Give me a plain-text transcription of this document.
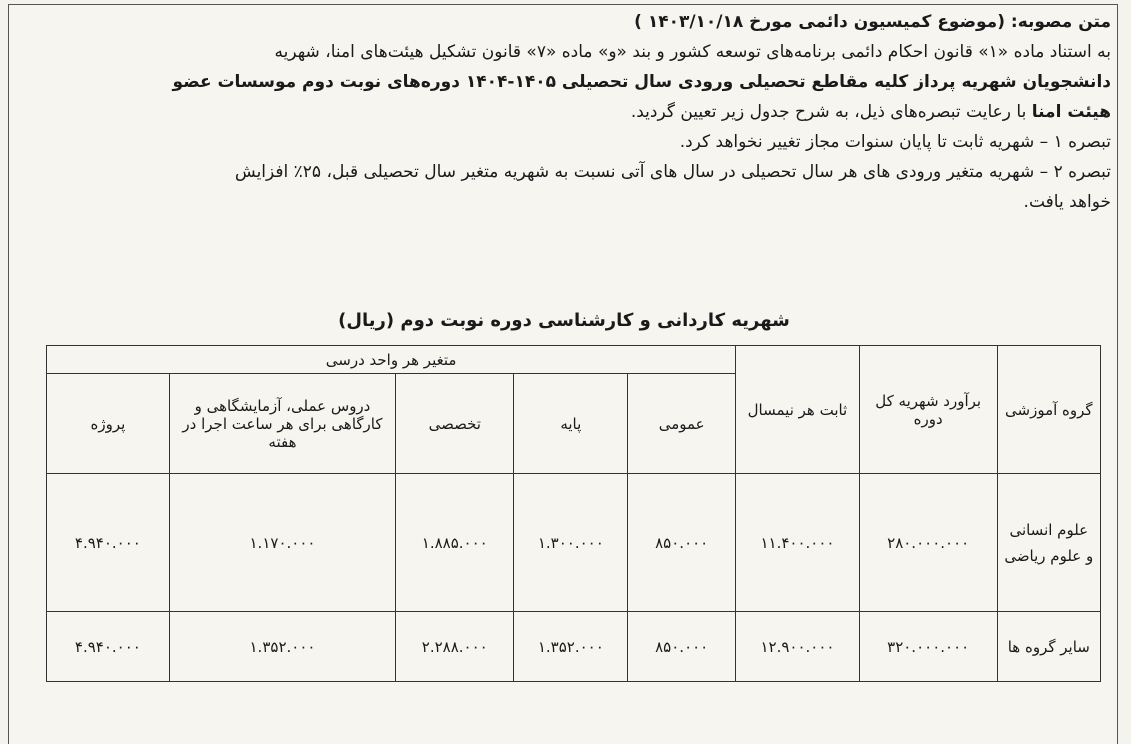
متن مصوبه: (موضوع کمیسیون دائمی مورخ ۱۴۰۳/۱۰/۱۸ )
به استناد ماده «۱» قانون احکام دائمی برنامه‌های توسعه کشور و بند «و» ماده «۷» قانون تشکیل هیئت‌های امنا، شهریه
دانشجویان شهریه پرداز کلیه مقاطع تحصیلی ورودی سال تحصیلی ۱۴۰۵-۱۴۰۴ دوره‌های نوبت دوم موسسات عضو
هیئت امنا با رعایت تبصره‌های ذیل، به شرح جدول زیر تعیین گردید.
تبصره ۱ – شهریه ثابت تا پایان سنوات مجاز تغییر نخواهد کرد.
تبصره ۲ – شهریه متغیر ورودی های هر سال تحصیلی در سال های آتی نسبت به شهریه متغیر سال تحصیلی قبل، ۲۵٪ افزایش
خواهد یافت.
شهریه کاردانی و کارشناسی دوره نوبت دوم (ریال)
گروه آموزشی	برآورد شهریه کل دوره	ثابت هر نیمسال	متغیر هر واحد درسی				
			عمومی	پایه	تخصصی	دروس عملی، آزمایشگاهی و کارگاهی برای هر ساعت اجرا در هفته	پروژه
علوم انسانی و علوم ریاضی	۲۸۰.۰۰۰.۰۰۰	۱۱.۴۰۰.۰۰۰	۸۵۰.۰۰۰	۱.۳۰۰.۰۰۰	۱.۸۸۵.۰۰۰	۱.۱۷۰.۰۰۰	۴.۹۴۰.۰۰۰
سایر گروه ها	۳۲۰.۰۰۰.۰۰۰	۱۲.۹۰۰.۰۰۰	۸۵۰.۰۰۰	۱.۳۵۲.۰۰۰	۲.۲۸۸.۰۰۰	۱.۳۵۲.۰۰۰	۴.۹۴۰.۰۰۰
